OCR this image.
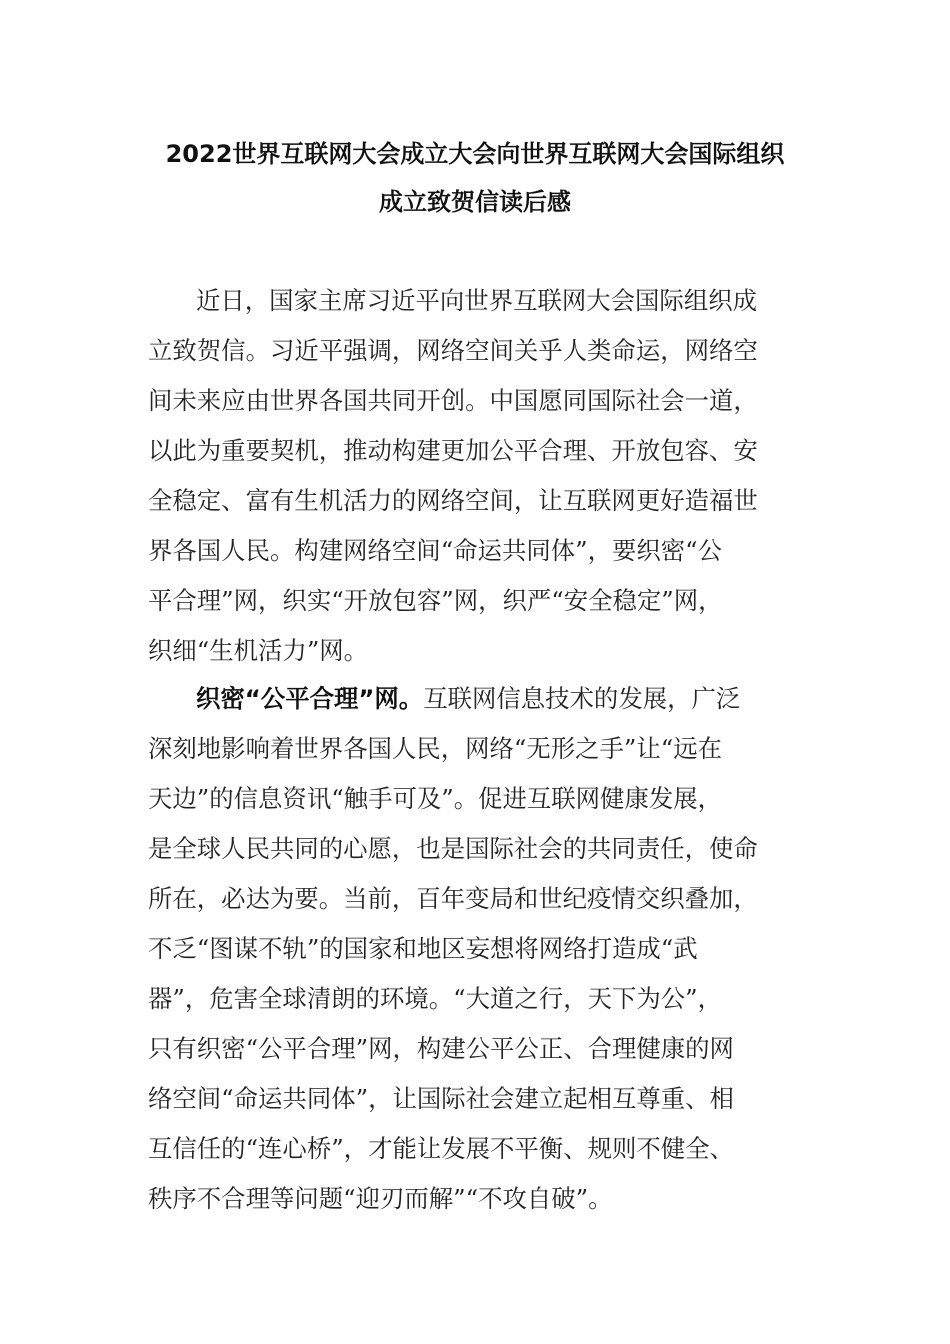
2022世界互联网大会成立大会向世界互联网大会国际组织
成立致贺信读后感
近日，国家主席习近平向世界互联网大会国际组织成
立致贺信。习近平强调，网络空间关乎人类命运，网络空
间未来应由世界各国共同开创。中国愿同国际社会一道，
以此为重要契机，推动构建更加公平合理、开放包容、安
全稳定、富有生机活力的网络空间，让互联网更好造福世
界各国人民。构建网络空间“命运共同体”，要织密“公
平合理”网，织实“开放包容”网，织严“安全稳定”网，
织细“生机活力”网。
织密“公平合理”网。互联网信息技术的发展，广泛
深刻地影响着世界各国人民，网络“无形之手”让“远在
天边”的信息资讯“触手可及”。促进互联网健康发展，
是全球人民共同的心愿，也是国际社会的共同责任，使命
所在，必达为要。当前，百年变局和世纪疫情交织叠加，
不乏“图谋不轨”的国家和地区妄想将网络打造成“武
器”，危害全球清朗的环境。“大道之行，天下为公”，
只有织密“公平合理”网，构建公平公正、合理健康的网
络空间“命运共同体”，让国际社会建立起相互尊重、相
互信任的“连心桥”，才能让发展不平衡、规则不健全、
秩序不合理等问题“迎刃而解”“不攻自破”。
